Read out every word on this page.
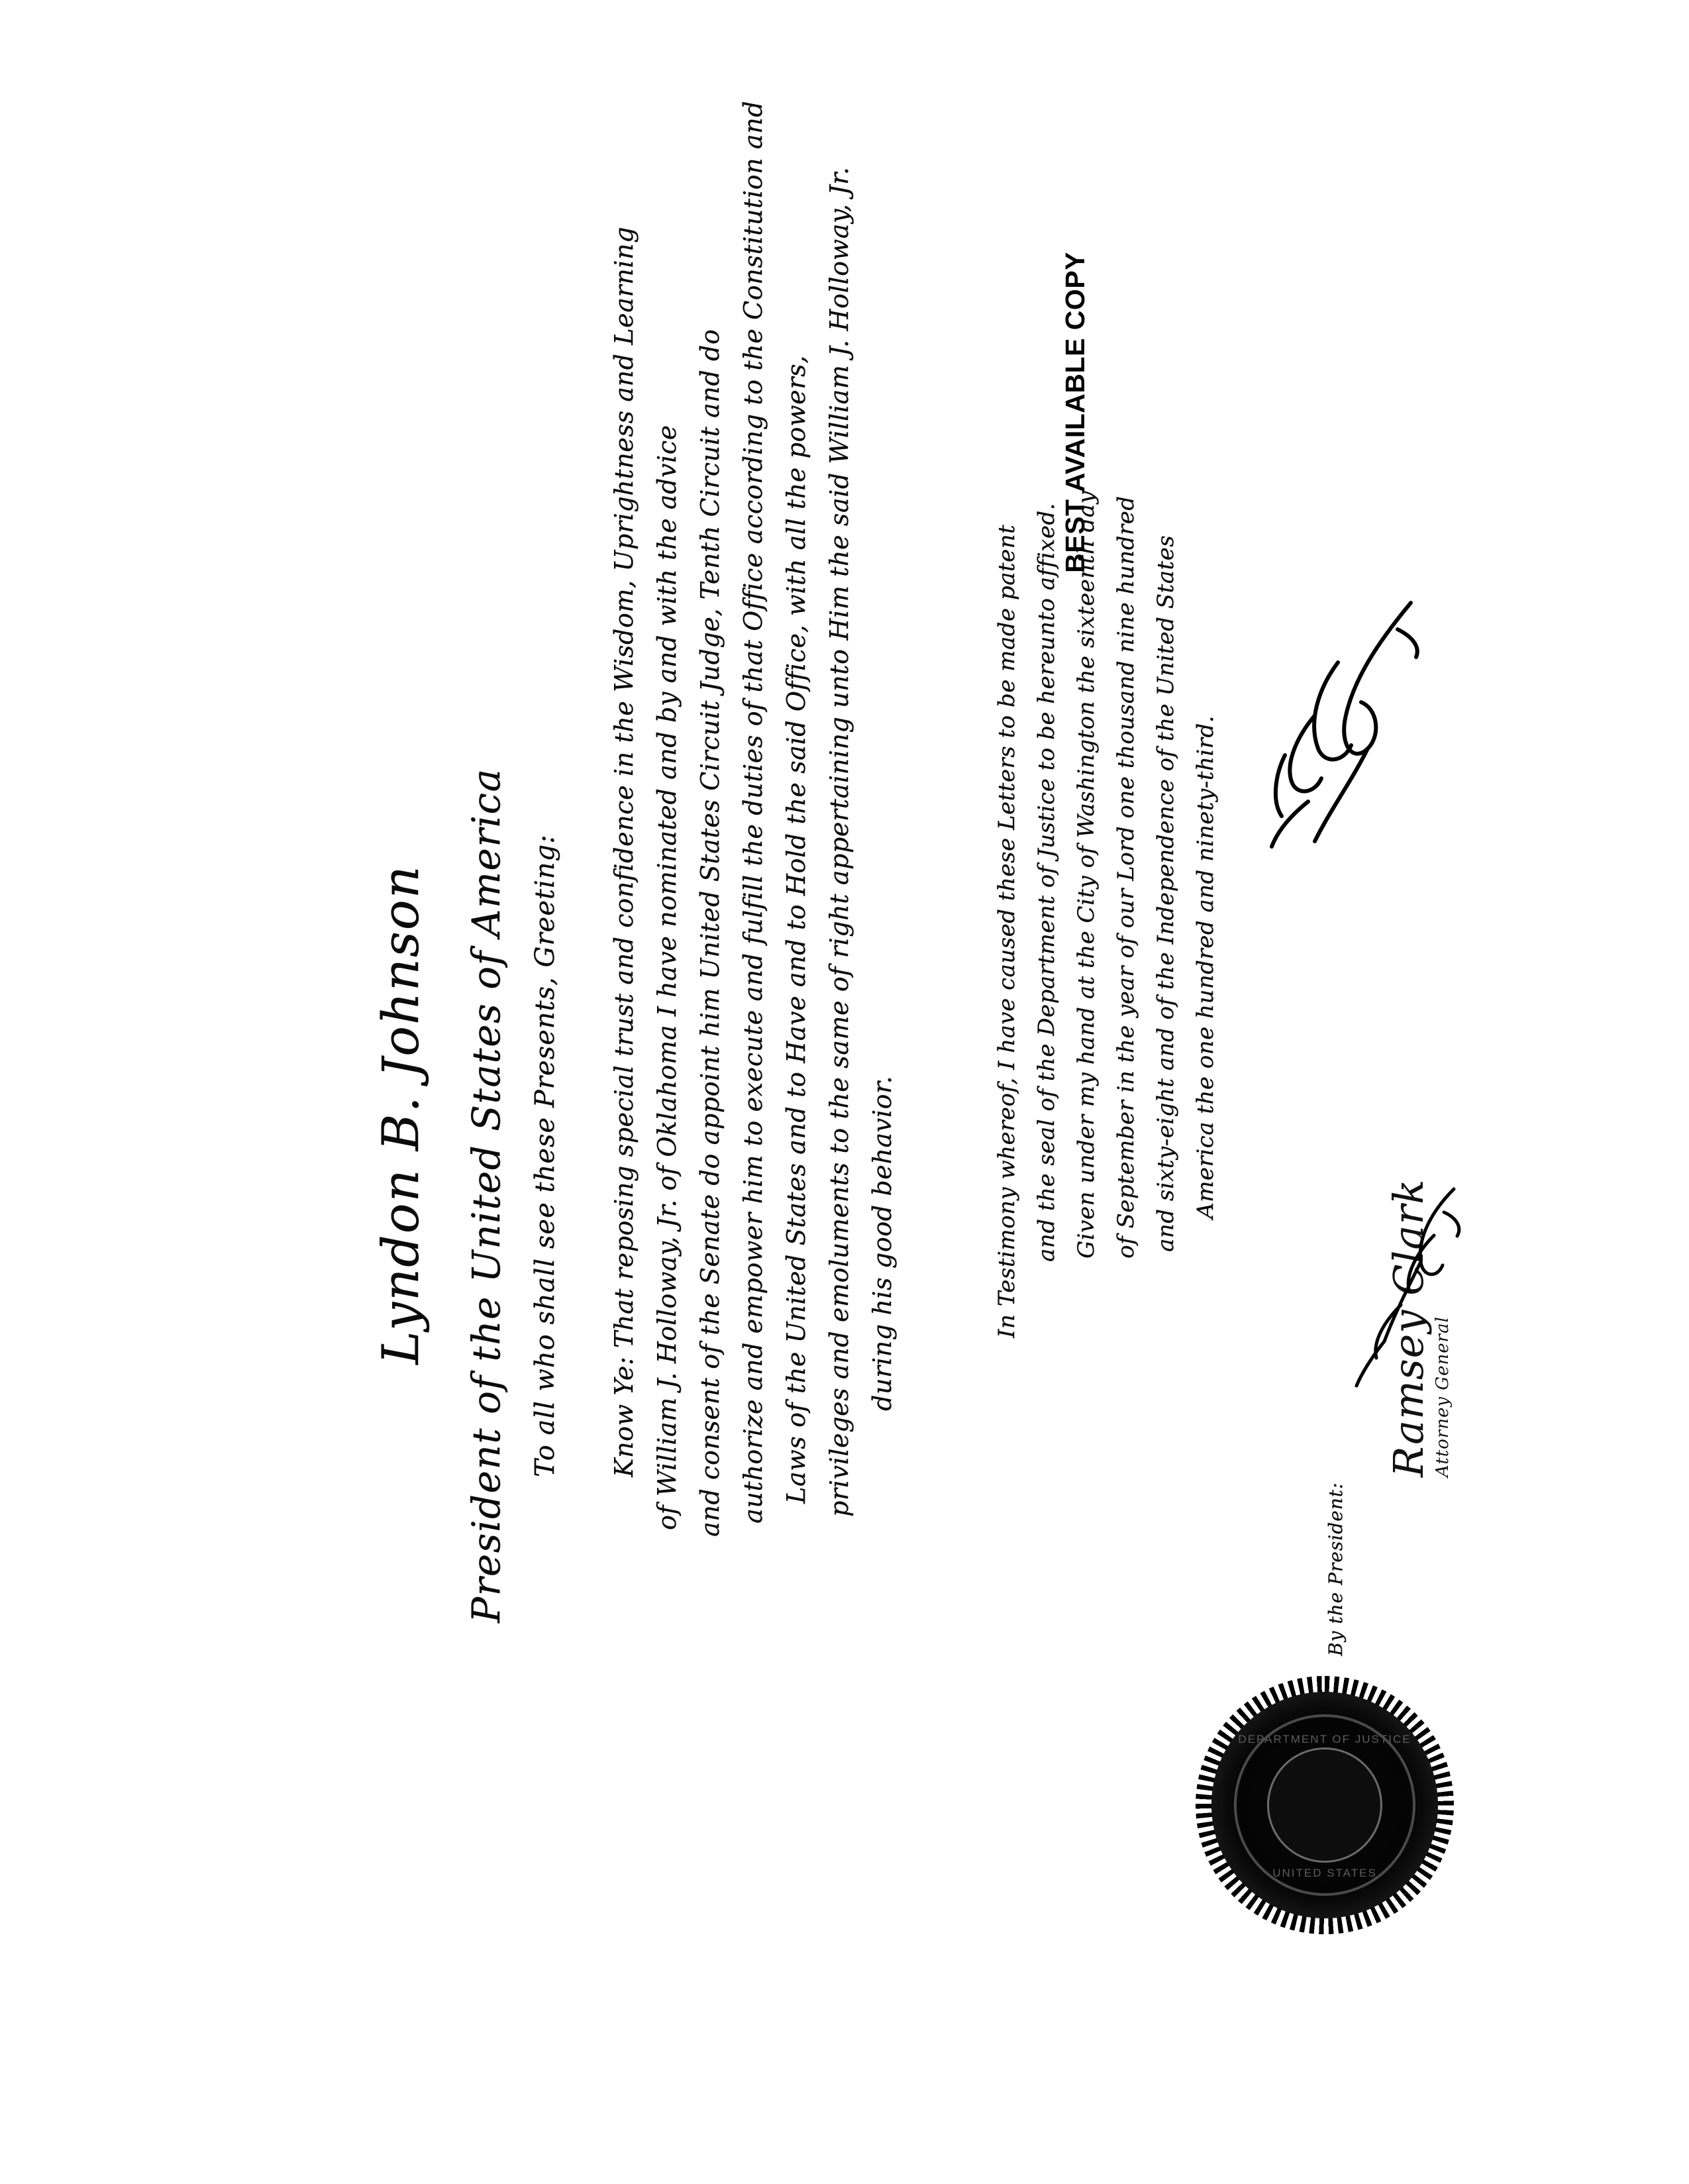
BEST AVAILABLE COPY
Lyndon B. Johnson President of the United States of America To all who shall see these Presents, Greeting: Know Ye: That reposing special trust and confidence in the Wisdom, Uprightness and Learning of William J. Holloway, Jr. of Oklahoma I have nominated and by and with the advice and consent of the Senate do appoint him United States Circuit Judge, Tenth Circuit and do authorize and empower him to execute and fulfill the duties of that Office according to the Constitution and Laws of the United States and to Have and to Hold the said Office, with all the powers, privileges and emoluments to the same of right appertaining unto Him the said William J. Holloway, Jr. during his good behavior.	In Testimony whereof, I have caused these Letters to be made patent and the seal of the Department of Justice to be hereunto affixed. Given under my hand at the City of Washington the sixteenth day of September in the year of our Lord one thousand nine hundred and sixty-eight and of the Independence of the United States America the one hundred and ninety-third.
By the President:
Ramsey Clark Attorney General
DEPARTMENT OF JUSTICE
UNITED STATES
